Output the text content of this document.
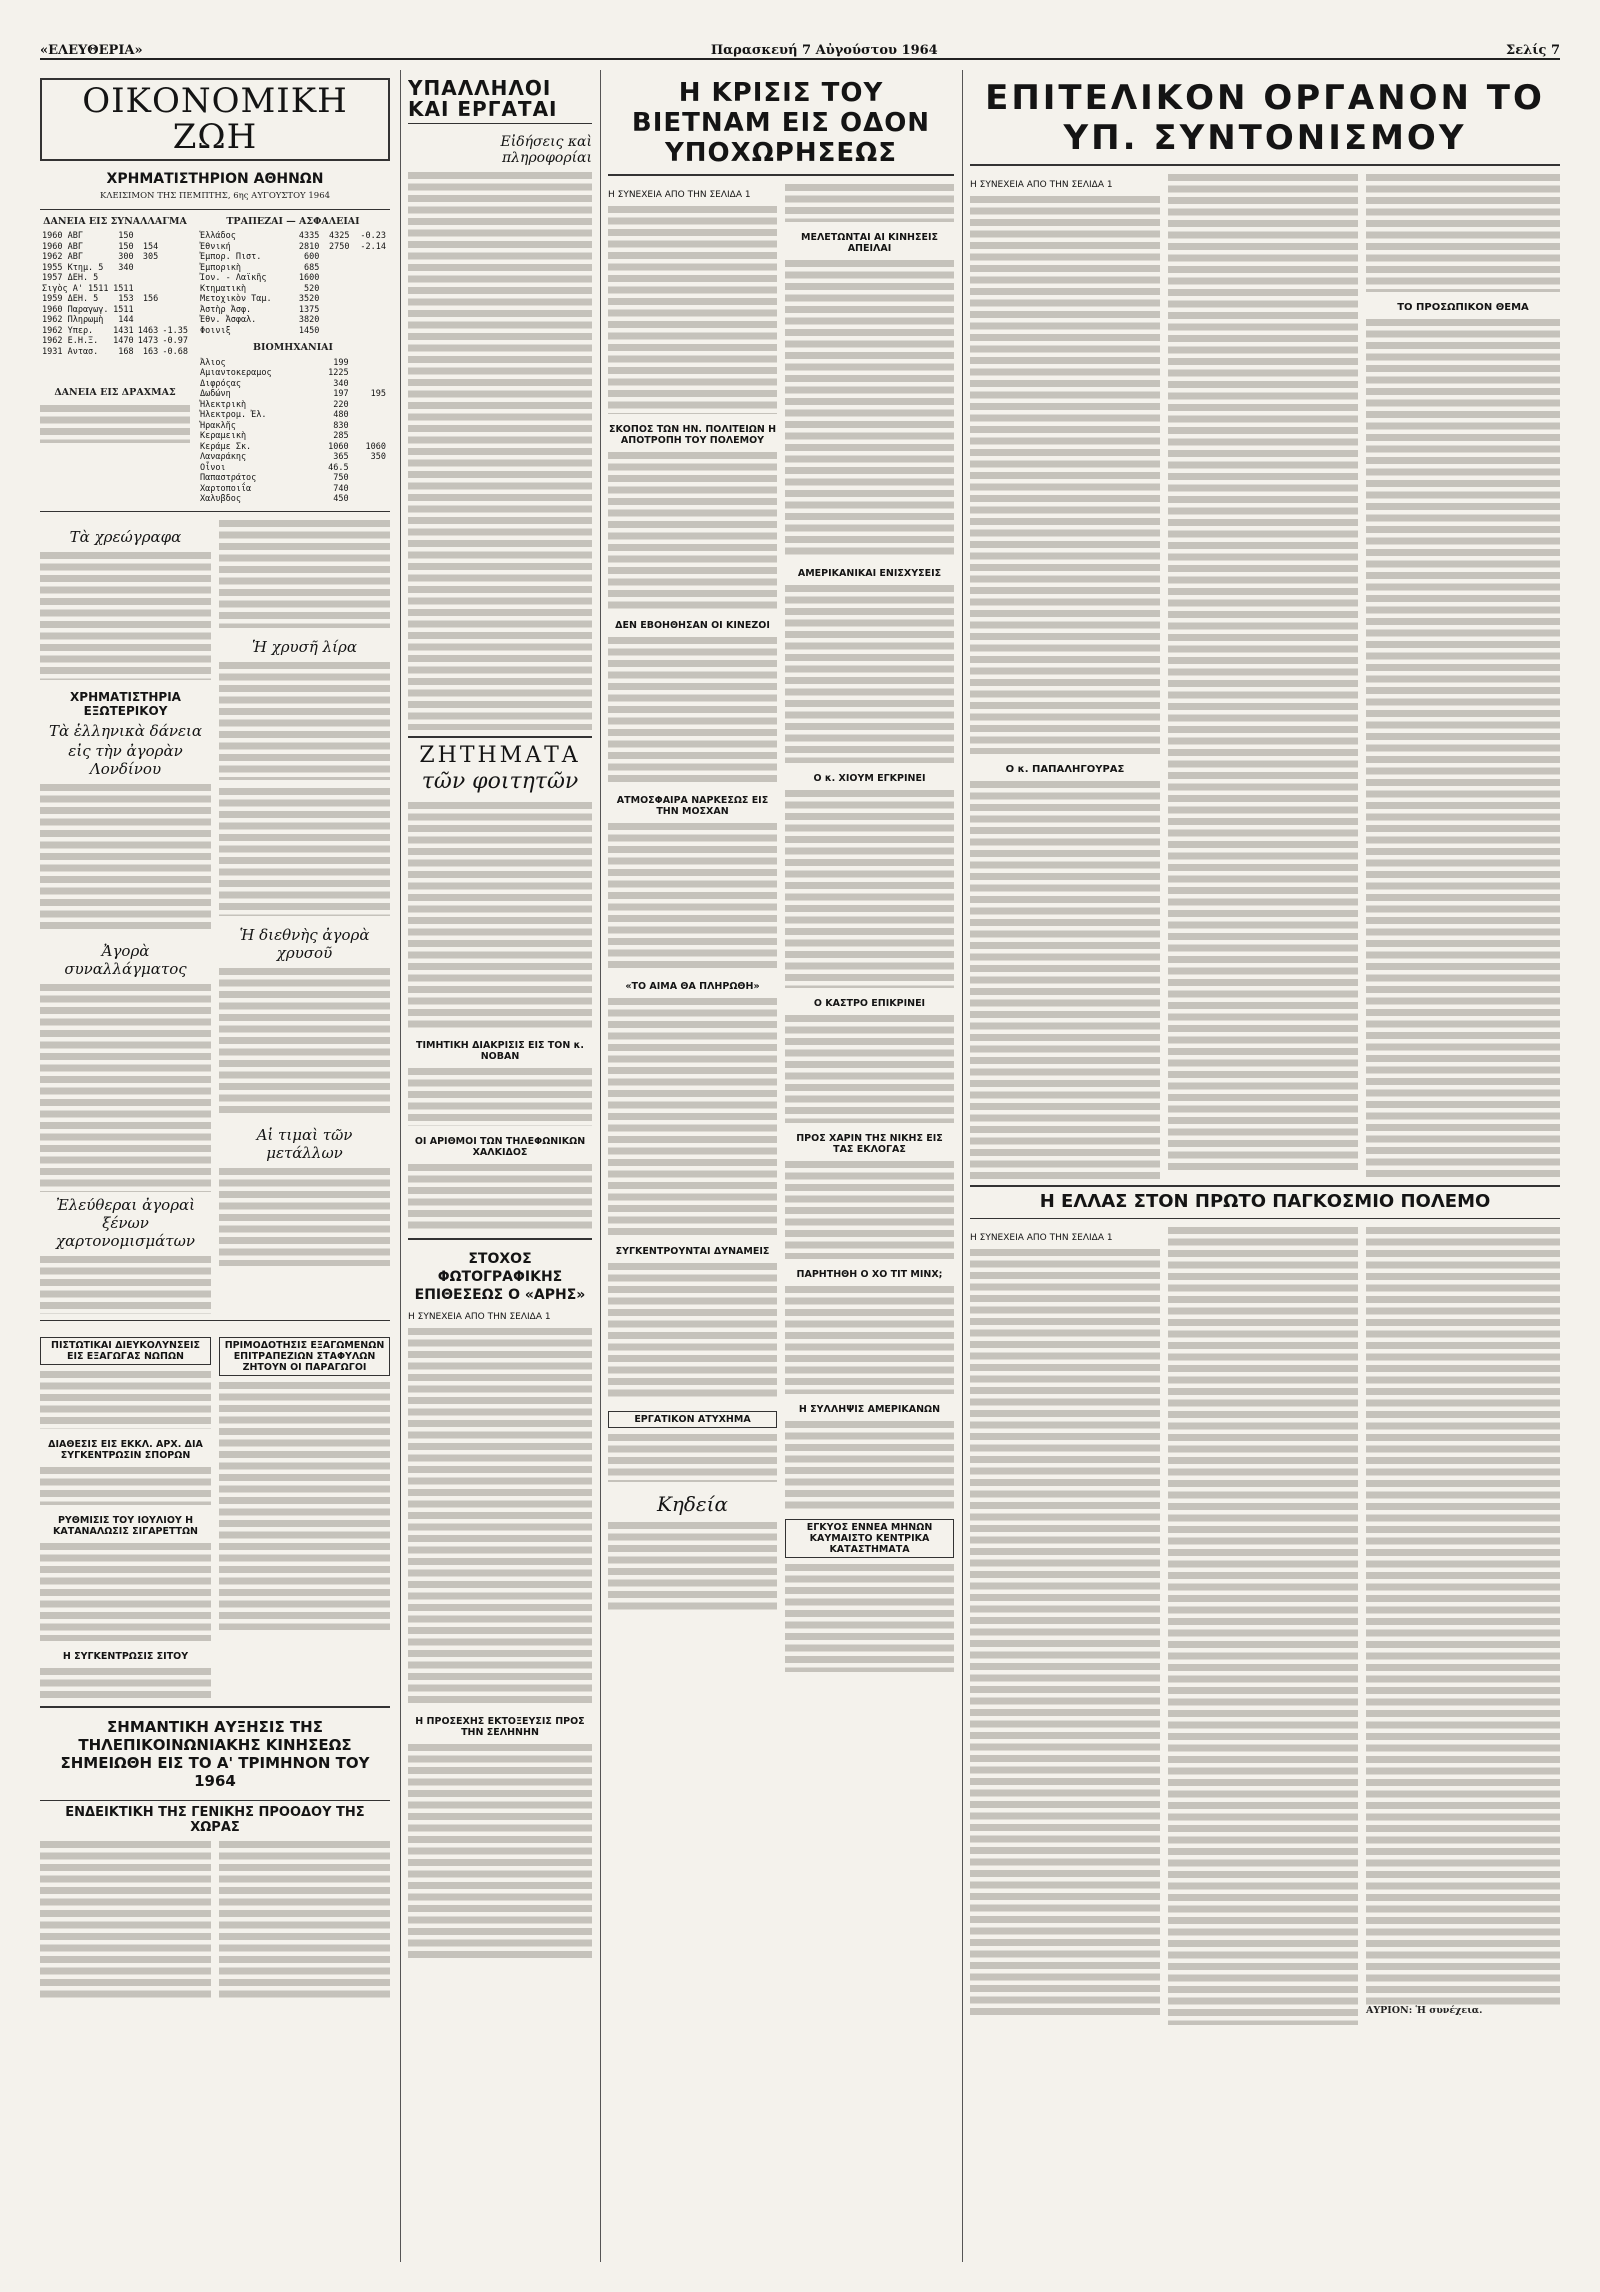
Σελίς 7
«ΕΛΕΥΘΕΡΙΑ»	Παρασκευή 7 Αὐγούστου 1964
ΟΙΚΟΝΟΜΙΚΗ ΖΩΗ
ΧΡΗΜΑΤΙΣΤΗΡΙΟΝ ΑΘΗΝΩΝ
ΚΛΕΙΣΙΜΟΝ ΤΗΣ ΠΕΜΠΤΗΣ, 6ης ΑΥΓΟΥΣΤΟΥ 1964
ΔΑΝΕΙΑ ΕΙΣ ΣΥΝΑΛΛΑΓΜΑ
1960 ΑΒΓ	150		
1960 ΑΒΓ	150	154	
1962 ΑΒΓ	300	305	
1955 Κτημ. 5	340		
1957 ΔΕΗ. 5			
Σιγὸς Α' 1511	1511		
1959 ΔΕΗ. 5	153	156	
1960 Παραγωγ.	1511		
1962 Πληρωμὴ	144		
1962 Υπερ.	1431	1463	-1.35
1962 Ε.Η.Ξ.	1470	1473	-0.97
1931 Αντασ.	168	163	-0.68
ΔΑΝΕΙΑ ΕΙΣ ΔΡΑΧΜΑΣ
ΤΡΑΠΕΖΑΙ — ΑΣΦΑΛΕΙΑΙ
Ἑλλάδος	4335	4325	-0.23
Ἐθνική	2810	2750	-2.14
Ἐμπορ. Πιστ.	600		
Ἐμπορικὴ	685		
Ἰον. - Λαϊκῆς	1600		
Κτηματικὴ	520		
Μετοχικὸν Ταμ.	3520		
Ἀστὴρ Ἀσφ.	1375		
Ἐθν. Ἀσφαλ.	3820		
Φοινιξ	1450		
ΒΙΟΜΗΧΑΝΙΑΙ
Ἀλιος	199	
Αμιαντοκεραμος	1225	
Διφρόςας	340	
Δωδώνη	197	195
Ἠλεκτρικὴ	220	
Ἠλεκτρομ. Ἐλ.	480	
Ἡρακλῆς	830	
Κεραμεικὴ	285	
Κεράμε Σκ.	1060	1060
Λαναράκης	365	350
Οἶνοι	46.5	
Παπαστράτος	750	
Χαρτοποιΐα	740	
Χαλυβδος	450	
Τὰ χρεώγραφα
ΧΡΗΜΑΤΙΣΤΗΡΙΑ ΕΞΩΤΕΡΙΚΟΥ
Τὰ ἑλληνικὰ δάνεια
εἰς τὴν ἀγορὰν Λονδίνου
Ἀγορὰ συναλλάγματος
Ἐλεύθεραι ἀγοραὶ
ξένων χαρτονομισμάτων
Ἡ χρυσῆ λίρα
Ἡ διεθνὴς ἀγορὰ χρυσοῦ
Αἱ τιμαὶ τῶν μετάλλων
ΠΙΣΤΩΤΙΚΑΙ ΔΙΕΥΚΟΛΥΝΣΕΙΣ ΕΙΣ ΕΞΑΓΩΓΑΣ ΝΩΠΩΝ
ΔΙΑΘΕΣΙΣ ΕΙΣ ΕΚΚΛ. ΑΡΧ. ΔΙΑ ΣΥΓΚΕΝΤΡΩΣΙΝ ΣΠΟΡΩΝ
ΡΥΘΜΙΣΙΣ ΤΟΥ ΙΟΥΛΙΟΥ Η ΚΑΤΑΝΑΛΩΣΙΣ ΣΙΓΑΡΕΤΤΩΝ
Η ΣΥΓΚΕΝΤΡΩΣΙΣ ΣΙΤΟΥ
ΠΡΙΜΟΔΟΤΗΣΙΣ ΕΞΑΓΩΜΕΝΩΝ ΕΠΙΤΡΑΠΕΖΙΩΝ ΣΤΑΦΥΛΩΝ ΖΗΤΟΥΝ ΟΙ ΠΑΡΑΓΩΓΟΙ
ΣΗΜΑΝΤΙΚΗ ΑΥΞΗΣΙΣ ΤΗΣ ΤΗΛΕΠΙΚΟΙΝΩΝΙΑΚΗΣ ΚΙΝΗΣΕΩΣ ΣΗΜΕΙΩΘΗ ΕΙΣ ΤΟ Α' ΤΡΙΜΗΝΟΝ ΤΟΥ 1964
ΕΝΔΕΙΚΤΙΚΗ ΤΗΣ ΓΕΝΙΚΗΣ ΠΡΟΟΔΟΥ ΤΗΣ ΧΩΡΑΣ
ΥΠΑΛΛΗΛΟΙ ΚΑΙ ΕΡΓΑΤΑΙ
Εἰδήσεις καὶ πληροφορίαι
ΖΗΤΗΜΑΤΑ
τῶν φοιτητῶν
ΤΙΜΗΤΙΚΗ ΔΙΑΚΡΙΣΙΣ ΕΙΣ ΤΟΝ κ. ΝΟΒΑΝ
ΟΙ ΑΡΙΘΜΟΙ ΤΩΝ ΤΗΛΕΦΩΝΙΚΩΝ ΧΑΛΚΙΔΟΣ
ΣΤΟΧΟΣ ΦΩΤΟΓΡΑΦΙΚΗΣ ΕΠΙΘΕΣΕΩΣ Ο «ΑΡΗΣ»
Η ΣΥΝΕΧΕΙΑ ΑΠΟ ΤΗΝ ΣΕΛΙΔΑ 1
Η ΠΡΟΣΕΧΗΣ ΕΚΤΟΞΕΥΣΙΣ ΠΡΟΣ ΤΗΝ ΣΕΛΗΝΗΝ
Η ΚΡΙΣΙΣ ΤΟΥ ΒΙΕΤΝΑΜ ΕΙΣ ΟΔΟΝ ΥΠΟΧΩΡΗΣΕΩΣ
Η ΣΥΝΕΧΕΙΑ ΑΠΟ ΤΗΝ ΣΕΛΙΔΑ 1
ΣΚΟΠΟΣ ΤΩΝ ΗΝ. ΠΟΛΙΤΕΙΩΝ Η ΑΠΟΤΡΟΠΗ ΤΟΥ ΠΟΛΕΜΟΥ
ΔΕΝ ΕΒΟΗΘΗΣΑΝ ΟΙ ΚΙΝΕΖΟΙ
ΑΤΜΟΣΦΑΙΡΑ ΝΑΡΚΕΣΩΣ ΕΙΣ ΤΗΝ ΜΟΣΧΑΝ
«ΤΟ ΑΙΜΑ ΘΑ ΠΛΗΡΩΘΗ»
ΣΥΓΚΕΝΤΡΟΥΝΤΑΙ ΔΥΝΑΜΕΙΣ
ΕΡΓΑΤΙΚΟΝ ΑΤΥΧΗΜΑ
Κηδεία
ΜΕΛΕΤΩΝΤΑΙ ΑΙ ΚΙΝΗΣΕΙΣ ΑΠΕΙΛΑΙ
ΑΜΕΡΙΚΑΝΙΚΑΙ ΕΝΙΣΧΥΣΕΙΣ
Ο κ. ΧΙΟΥΜ ΕΓΚΡΙΝΕΙ
Ο ΚΑΣΤΡΟ ΕΠΙΚΡΙΝΕΙ
ΠΡΟΣ ΧΑΡΙΝ ΤΗΣ ΝΙΚΗΣ ΕΙΣ ΤΑΣ ΕΚΛΟΓΑΣ
ΠΑΡΗΤΗΘΗ Ο ΧΟ ΤΙΤ ΜΙΝΧ;
Η ΣΥΛΛΗΨΙΣ ΑΜΕΡΙΚΑΝΩΝ
ΕΓΚΥΟΣ ΕΝΝΕΑ ΜΗΝΩΝ ΚΑΥΜΑΙΣΤΟ ΚΕΝΤΡΙΚΑ ΚΑΤΑΣΤΗΜΑΤΑ
ΕΠΙΤΕΛΙΚΟΝ ΟΡΓΑΝΟΝ ΤΟ ΥΠ. ΣΥΝΤΟΝΙΣΜΟΥ
Η ΣΥΝΕΧΕΙΑ ΑΠΟ ΤΗΝ ΣΕΛΙΔΑ 1
Ο κ. ΠΑΠΑΛΗΓΟΥΡΑΣ
ΤΟ ΠΡΟΣΩΠΙΚΟΝ ΘΕΜΑ
Η ΕΛΛΑΣ ΣΤΟΝ ΠΡΩΤΟ ΠΑΓΚΟΣΜΙΟ ΠΟΛΕΜΟ
Η ΣΥΝΕΧΕΙΑ ΑΠΟ ΤΗΝ ΣΕΛΙΔΑ 1
ΑΥΡΙΟΝ: Ἡ συνέχεια.
